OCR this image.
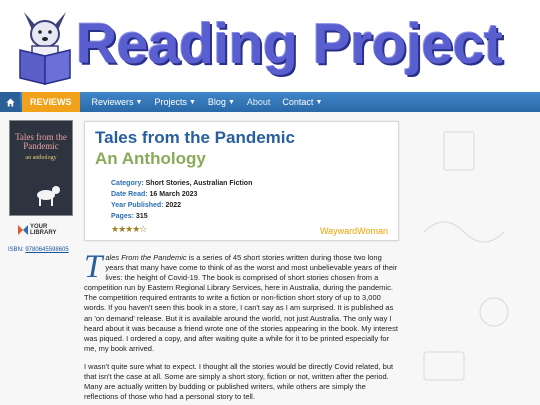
Reading Project
REVIEWS	Reviewers ▼ Projects ▼ Blog ▼ About Contact ▼
Tales from the Pandemic
an anthology
YOUR LIBRARY
ISBN: 9780645598605
Tales from the Pandemic
An Anthology
Category: Short Stories, Australian Fiction
Date Read: 16 March 2023
Year Published: 2022
Pages: 315
★★★★☆	WaywardWoman

Tales From the Pandemic is a series of 45 short stories written during those two long years that many have come to think of as the worst and most unbelievable years of their lives: the height of Covid-19. The book is comprised of short stories chosen from a competition run by Eastern Regional Library Services, here in Australia, during the pandemic. The competition required entrants to write a fiction or non-fiction short story of up to 3,000 words. If you haven't seen this book in a store, I can't say as I am surprised. It is published as an 'on demand' release. But it is available around the world, not just Australia. The only way I heard about it was because a friend wrote one of the stories appearing in the book. My interest was piqued. I ordered a copy, and after waiting quite a while for it to be printed especially for me, my book arrived.

I wasn't quite sure what to expect. I thought all the stories would be directly Covid related, but that isn't the case at all. Some are simply a short story, fiction or not, written after the period. Many are actually written by budding or published writers, while others are simply the reflections of those who had a personal story to tell.
